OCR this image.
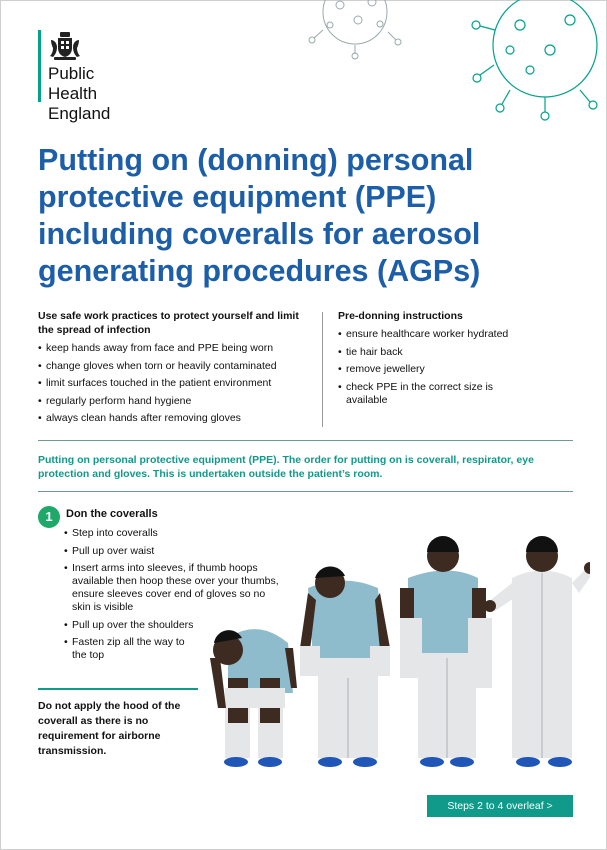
Public Health
England
Putting on (donning) personal protective equipment (PPE) including coveralls for aerosol generating procedures (AGPs)

Use safe work practices to protect yourself and limit the spread of infection

• keep hands away from face and PPE being worn
• change gloves when torn or heavily contaminated
• limit surfaces touched in the patient environment
• regularly perform hand hygiene
• always clean hands after removing gloves

Pre-donning instructions

• ensure healthcare worker hydrated
• tie hair back
• remove jewellery
• check PPE in the correct size is available

Putting on personal protective equipment (PPE). The order for putting on is coverall, respirator, eye protection and gloves. This is undertaken outside the patient’s room.

1	Don the coveralls
• Step into coveralls
• Pull up over waist
• Insert arms into sleeves, if thumb hoops available then hoop these over your thumbs, ensure sleeves cover end of gloves so no skin is visible
• Pull up over the shoulders
• Fasten zip all the way to the top

Do not apply the hood of the coverall as there is no requirement for airborne transmission.

Steps 2 to 4 overleaf >
